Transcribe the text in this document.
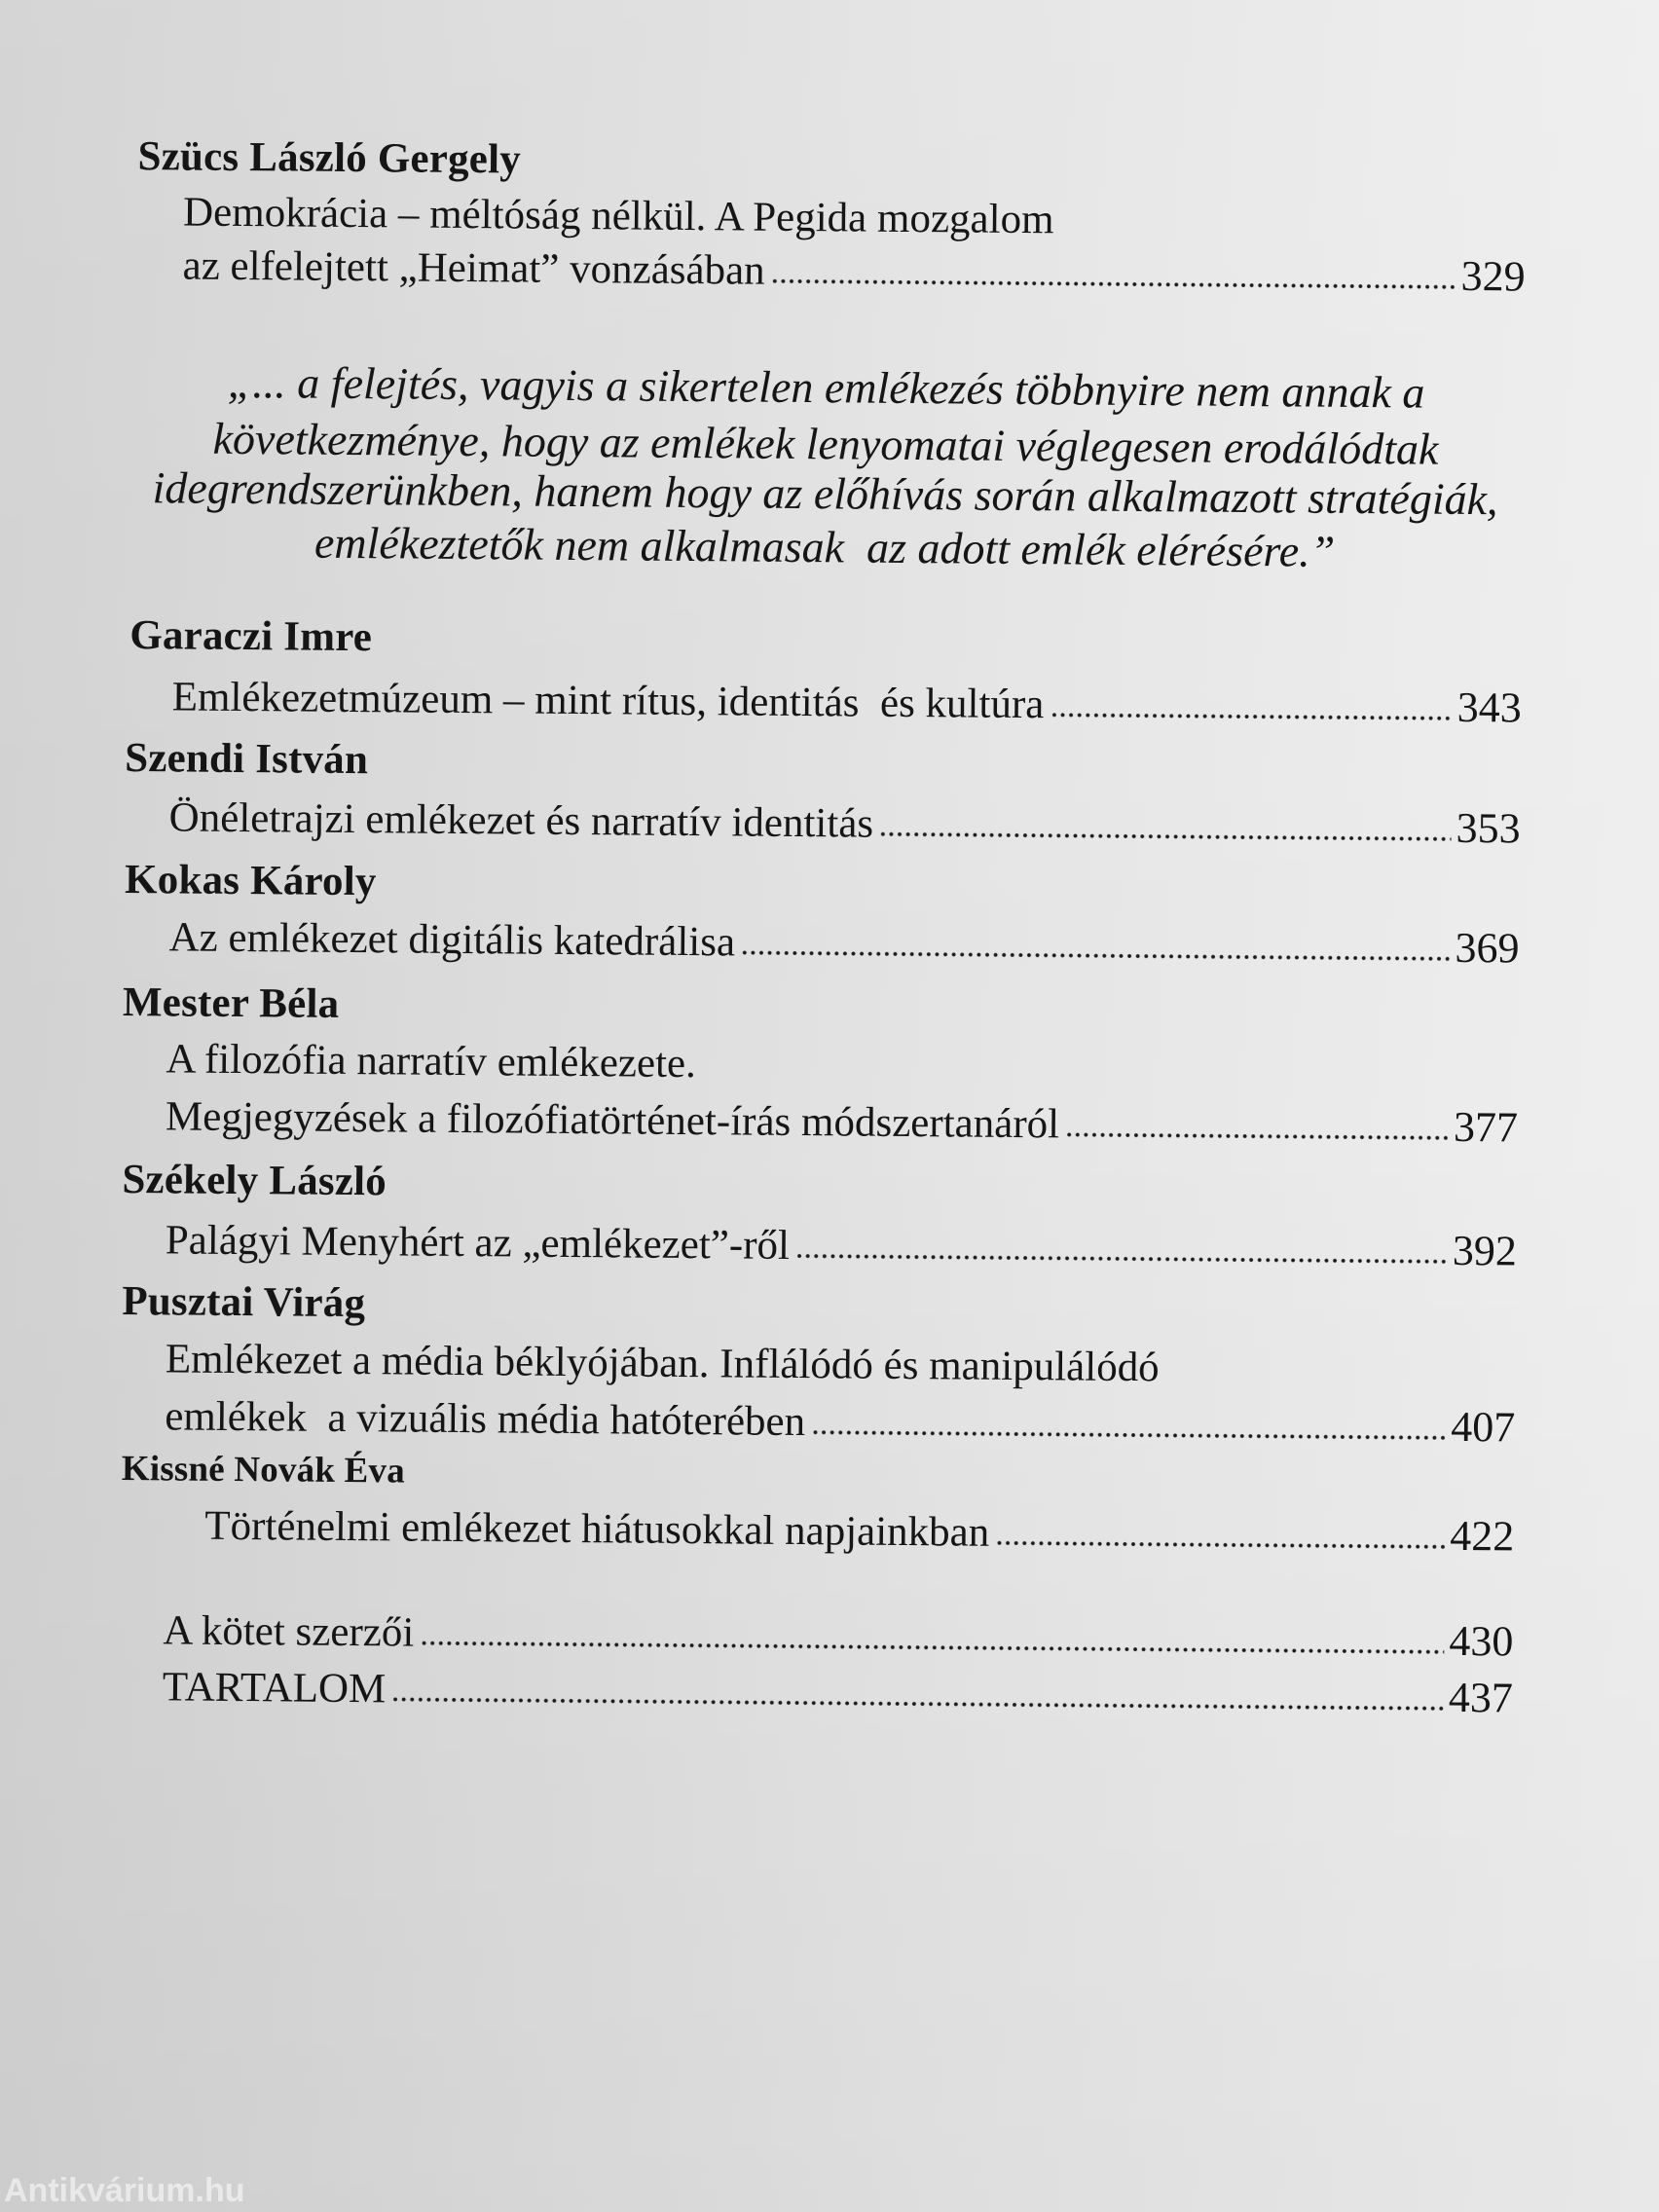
Szücs László Gergely
Demokrácia – méltóság nélkül. A Pegida mozgalom
az elfelejtett „Heimat” vonzásában	329
„... a felejtés, vagyis a sikertelen emlékezés többnyire nem annak a
következménye, hogy az emlékek lenyomatai véglegesen erodálódtak
idegrendszerünkben, hanem hogy az előhívás során alkalmazott stratégiák,
emlékeztetők nem alkalmasak  az adott emlék elérésére.”
Garaczi Imre
Emlékezetmúzeum – mint rítus, identitás  és kultúra	343
Szendi István
Önéletrajzi emlékezet és narratív identitás	353
Kokas Károly
Az emlékezet digitális katedrálisa	369
Mester Béla
A filozófia narratív emlékezete.
Megjegyzések a filozófiatörténet-írás módszertanáról	377
Székely László
Palágyi Menyhért az „emlékezet”-ről	392
Pusztai Virág
Emlékezet a média béklyójában. Inflálódó és manipulálódó
emlékek  a vizuális média hatóterében	407
Kissné Novák Éva
Történelmi emlékezet hiátusokkal napjainkban	422
A kötet szerzői	430
TARTALOM	437
Antikvárium.hu
